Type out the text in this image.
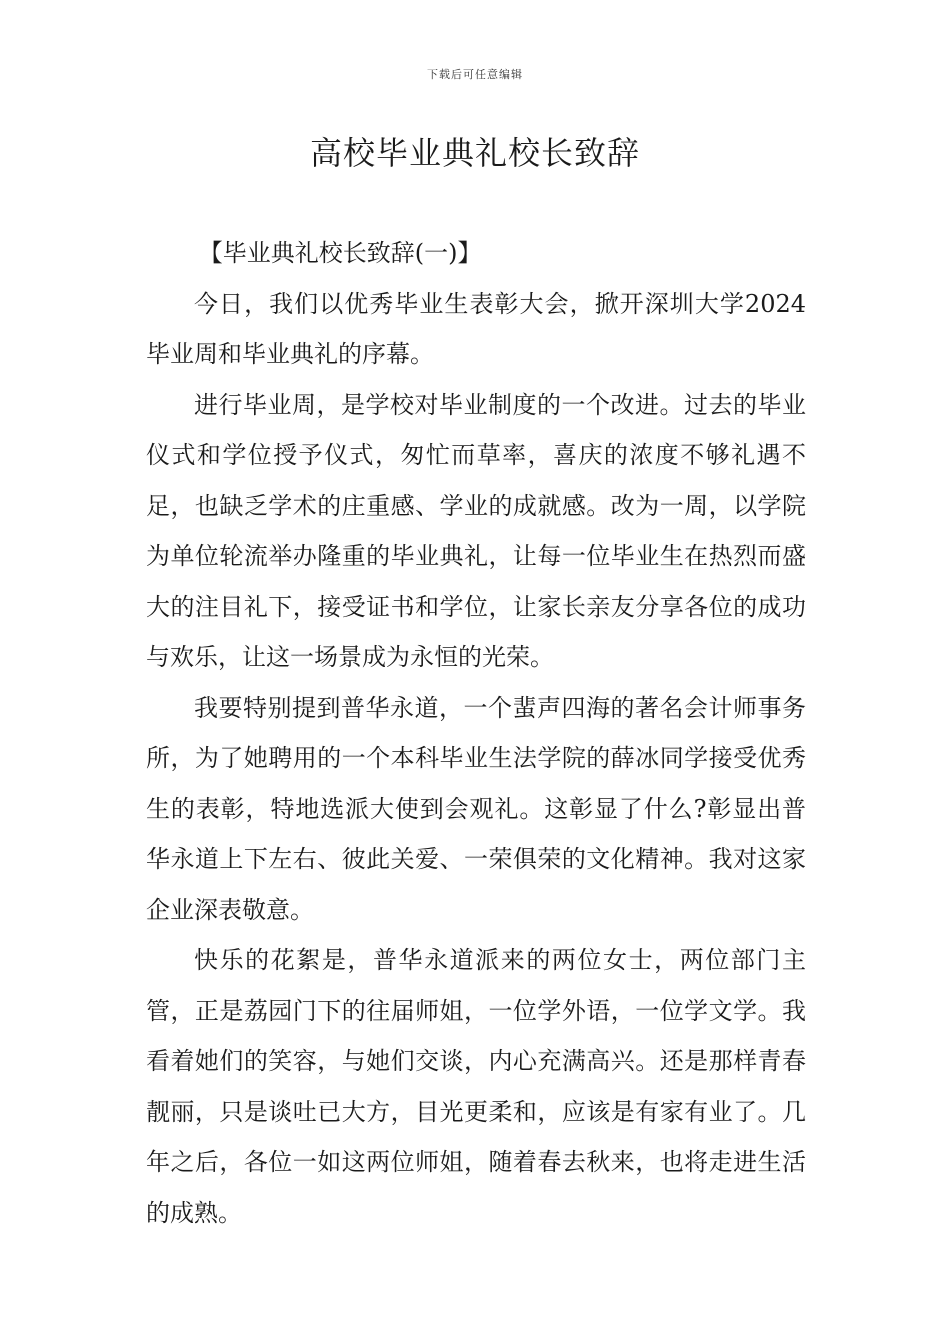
下载后可任意编辑
高校毕业典礼校长致辞

【毕业典礼校长致辞(一)】

今日，我们以优秀毕业生表彰大会，掀开深圳大学2024毕业周和毕业典礼的序幕。

进行毕业周，是学校对毕业制度的一个改进。过去的毕业仪式和学位授予仪式，匆忙而草率，喜庆的浓度不够礼遇不足，也缺乏学术的庄重感、学业的成就感。改为一周，以学院为单位轮流举办隆重的毕业典礼，让每一位毕业生在热烈而盛大的注目礼下，接受证书和学位，让家长亲友分享各位的成功与欢乐，让这一场景成为永恒的光荣。

我要特别提到普华永道，一个蜚声四海的著名会计师事务所，为了她聘用的一个本科毕业生法学院的薛冰同学接受优秀生的表彰，特地选派大使到会观礼。这彰显了什么?彰显出普华永道上下左右、彼此关爱、一荣俱荣的文化精神。我对这家企业深表敬意。

快乐的花絮是，普华永道派来的两位女士，两位部门主管，正是荔园门下的往届师姐，一位学外语，一位学文学。我看着她们的笑容，与她们交谈，内心充满高兴。还是那样青春靓丽，只是谈吐已大方，目光更柔和，应该是有家有业了。几年之后，各位一如这两位师姐，随着春去秋来，也将走进生活的成熟。
